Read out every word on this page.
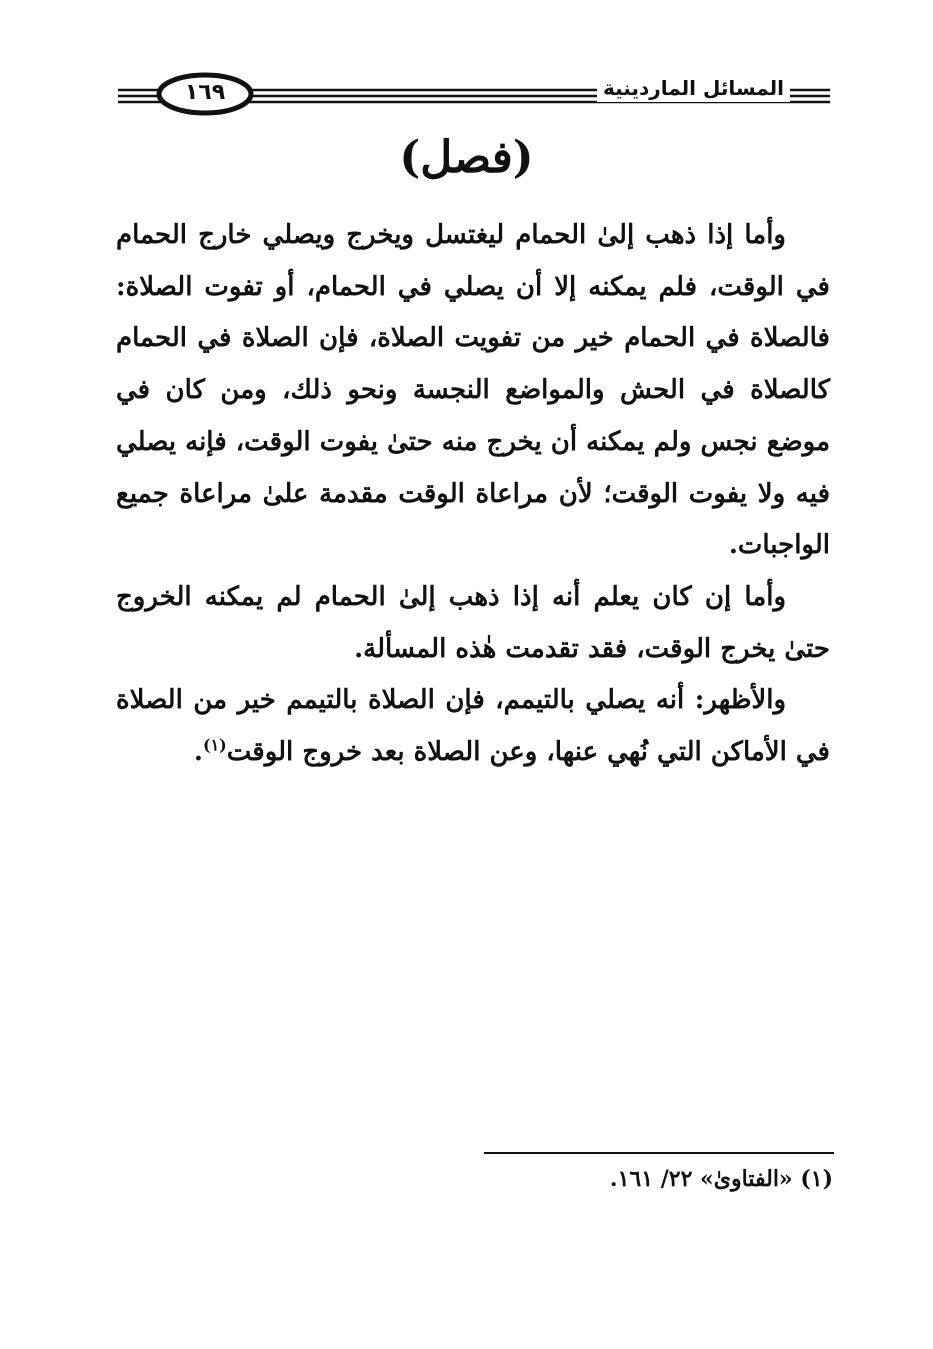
١٦٩	المسائل الماردينية
(فصل)

وأما إذا ذهب إلىٰ الحمام ليغتسل ويخرج ويصلي خارج الحمام في الوقت، فلم يمكنه إلا أن يصلي في الحمام، أو تفوت الصلاة: فالصلاة في الحمام خير من تفويت الصلاة، فإن الصلاة في الحمام كالصلاة في الحش والمواضع النجسة ونحو ذلك، ومن كان في موضع نجس ولم يمكنه أن يخرج منه حتىٰ يفوت الوقت، فإنه يصلي فيه ولا يفوت الوقت؛ لأن مراعاة الوقت مقدمة علىٰ مراعاة جميع الواجبات.

وأما إن كان يعلم أنه إذا ذهب إلىٰ الحمام لم يمكنه الخروج حتىٰ يخرج الوقت، فقد تقدمت هٰذه المسألة.

والأظهر: أنه يصلي بالتيمم، فإن الصلاة بالتيمم خير من الصلاة في الأماكن التي نُهي عنها، وعن الصلاة بعد خروج الوقت$^{(١)}$.

(١) «الفتاوىٰ» ٢٢/ ١٦١.
